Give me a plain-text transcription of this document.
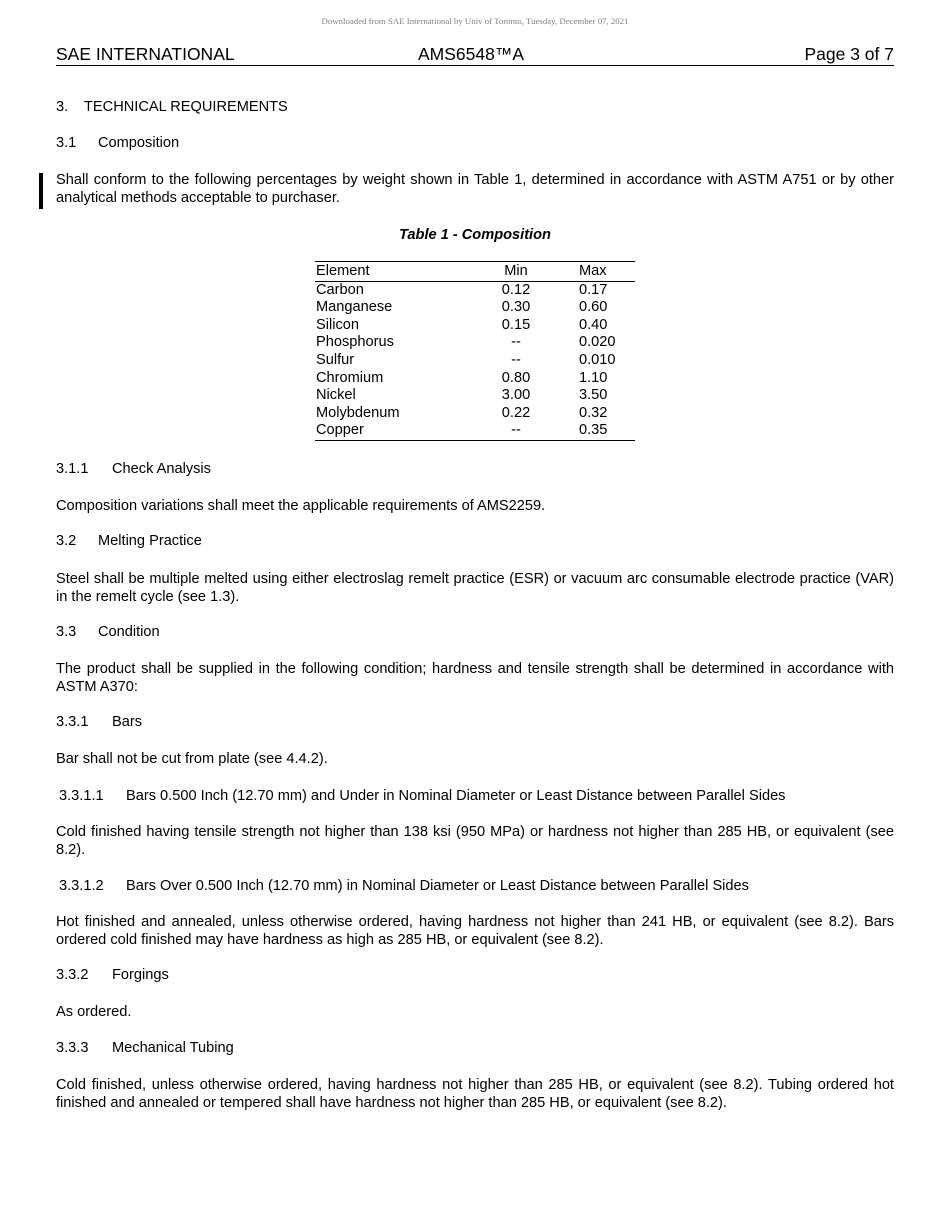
Downloaded from SAE International by Univ of Toronto, Tuesday, December 07, 2021
SAE INTERNATIONAL	AMS6548™A	Page 3 of 7
3. TECHNICAL REQUIREMENTS
3.1 Composition
Shall conform to the following percentages by weight shown in Table 1, determined in accordance with ASTM A751 or by other analytical methods acceptable to purchaser.
Table 1 - Composition
Element	Min	Max
Carbon	0.12	0.17
Manganese	0.30	0.60
Silicon	0.15	0.40
Phosphorus	--	0.020
Sulfur	--	0.010
Chromium	0.80	1.10
Nickel	3.00	3.50
Molybdenum	0.22	0.32
Copper	--	0.35
3.1.1 Check Analysis
Composition variations shall meet the applicable requirements of AMS2259.
3.2 Melting Practice
Steel shall be multiple melted using either electroslag remelt practice (ESR) or vacuum arc consumable electrode practice (VAR) in the remelt cycle (see 1.3).
3.3 Condition
The product shall be supplied in the following condition; hardness and tensile strength shall be determined in accordance with ASTM A370:
3.3.1 Bars
Bar shall not be cut from plate (see 4.4.2).
3.3.1.1 Bars 0.500 Inch (12.70 mm) and Under in Nominal Diameter or Least Distance between Parallel Sides
Cold finished having tensile strength not higher than 138 ksi (950 MPa) or hardness not higher than 285 HB, or equivalent (see 8.2).
3.3.1.2 Bars Over 0.500 Inch (12.70 mm) in Nominal Diameter or Least Distance between Parallel Sides
Hot finished and annealed, unless otherwise ordered, having hardness not higher than 241 HB, or equivalent (see 8.2). Bars ordered cold finished may have hardness as high as 285 HB, or equivalent (see 8.2).
3.3.2 Forgings
As ordered.
3.3.3 Mechanical Tubing
Cold finished, unless otherwise ordered, having hardness not higher than 285 HB, or equivalent (see 8.2). Tubing ordered hot finished and annealed or tempered shall have hardness not higher than 285 HB, or equivalent (see 8.2).
